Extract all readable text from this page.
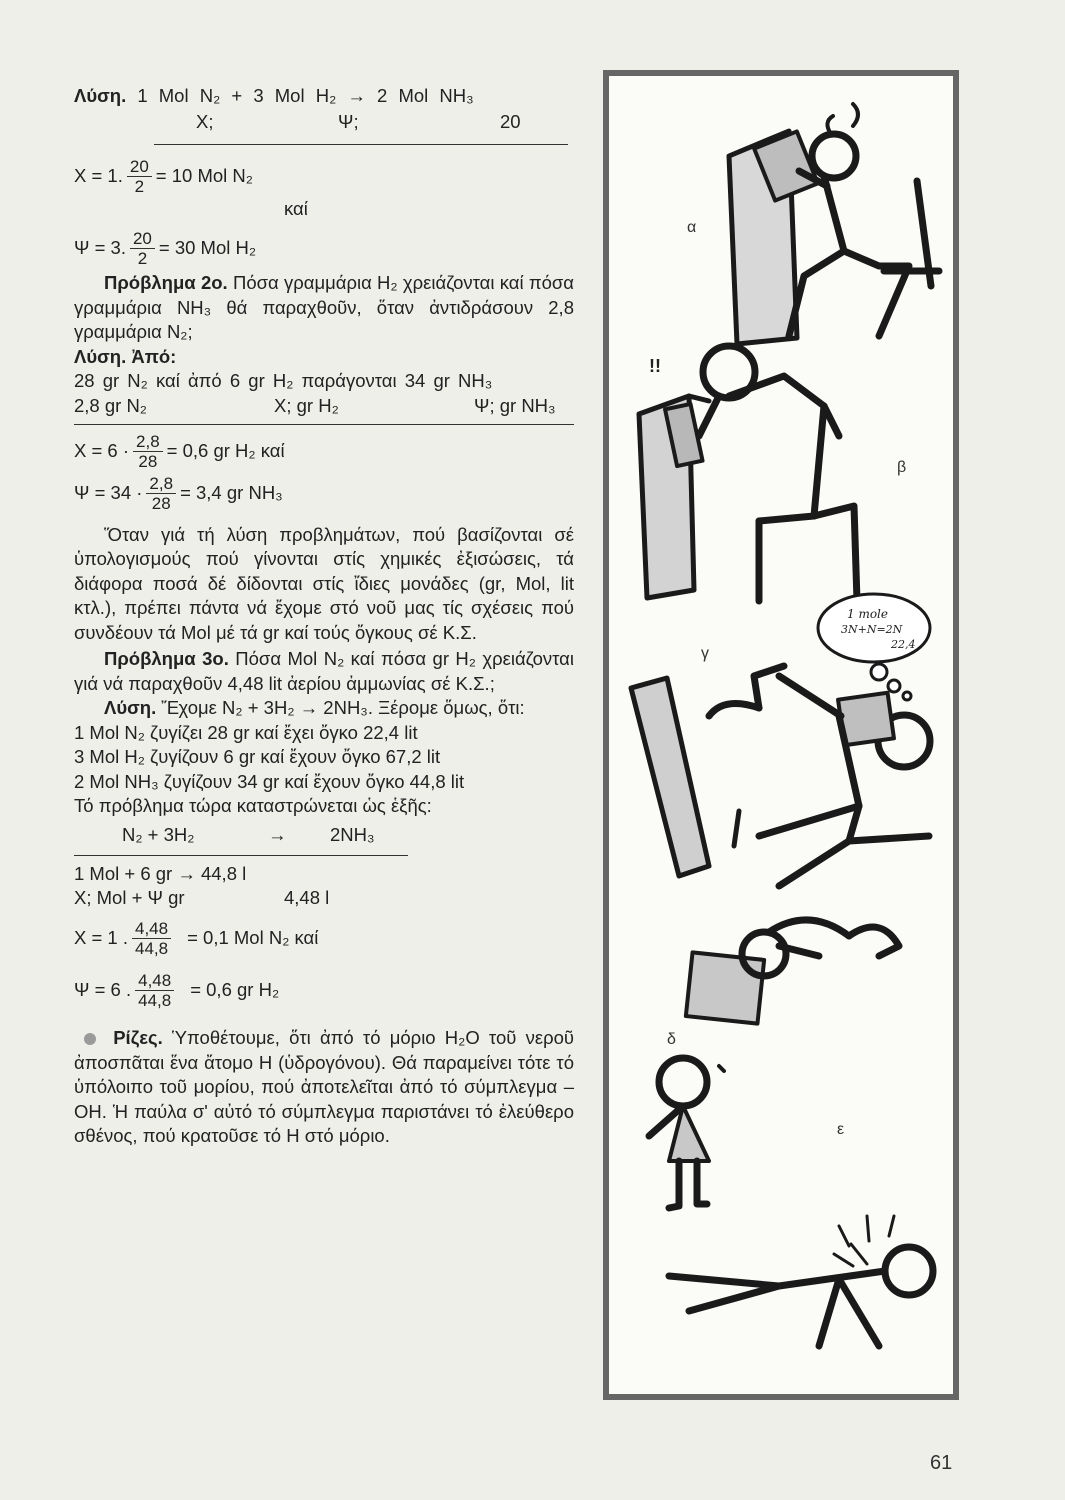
Λύση. 1 Mol N₂ + 3 Mol H₂ → 2 Mol NH₃
X;	Ψ;	20
X = 1. $\frac{20}{2} = 10$ Mol N₂
καί
Ψ = 3. $\frac{20}{2} = 30$ Mol H₂
Πρόβλημα 2ο. Πόσα γραμμάρια H₂ χρειάζονται καί πόσα γραμμάρια NH₃ θά παραχθοῦν, ὅταν ἀντιδράσουν 2,8 γραμμάρια N₂;
Λύση. Ἀπό:
28 gr N₂ καί ἀπό 6 gr H₂ παράγονται 34 gr NH₃
2,8 gr N₂	X; gr H₂	Ψ; gr NH₃
$X = 6 \cdot \frac{2,8}{28} = 0,6$ gr H₂ καί
$\Psi = 34 \cdot \frac{2,8}{28} = 3,4$ gr NH₃
Ὅταν γιά τή λύση προβλημάτων, πού βασίζονται σέ ὑπολογισμούς πού γίνονται στίς χημικές ἐξισώσεις, τά διάφορα ποσά δέ δίδονται στίς ἴδιες μονάδες (gr, Mol, lit κτλ.), πρέπει πάντα νά ἔχομε στό νοῦ μας τίς σχέσεις πού συνδέουν τά Mol μέ τά gr καί τούς ὄγκους σέ Κ.Σ.
Πρόβλημα 3ο. Πόσα Mol N₂ καί πόσα gr H₂ χρειάζονται γιά νά παραχθοῦν 4,48 lit ἀερίου ἀμμωνίας σέ Κ.Σ.;
Λύση. Ἔχομε N₂ + 3H₂ → 2NH₃. Ξέρομε ὅμως, ὅτι:
1 Mol N₂ ζυγίζει 28 gr καί ἔχει ὄγκο 22,4 lit
3 Mol H₂ ζυγίζουν 6 gr καί ἔχουν ὄγκο 67,2 lit
2 Mol NH₃ ζυγίζουν 34 gr καί ἔχουν ὄγκο 44,8 lit
Τό πρόβλημα τώρα καταστρώνεται ὡς ἑξῆς:
N₂ + 3H₂	→ 2NH₃
1 Mol + 6 gr → 44,8 l
X; Mol + Ψ gr	4,48 l
X = 1 . $\frac{4,48}{44,8} = 0,1$ Mol N₂ καί
Ψ = 6 . $\frac{4,48}{44,8} = 0,6$ gr H₂
Ρίζες. Ὑποθέτουμε, ὅτι ἀπό τό μόριο H₂O τοῦ νεροῦ ἀποσπᾶται ἕνα ἄτομο H (ὑδρογόνου). Θά παραμείνει τότε τό ὑπόλοιπο τοῦ μορίου, πού ἀποτελεῖται ἀπό τό σύμπλεγμα –OH. Ἡ παύλα σ' αὐτό τό σύμπλεγμα παριστάνει τό ἐλεύθερο σθένος, πού κρατοῦσε τό H στό μόριο.
α
!!
β
1 mole
3N+N=2N
22,4
γ
δ
ε
61
